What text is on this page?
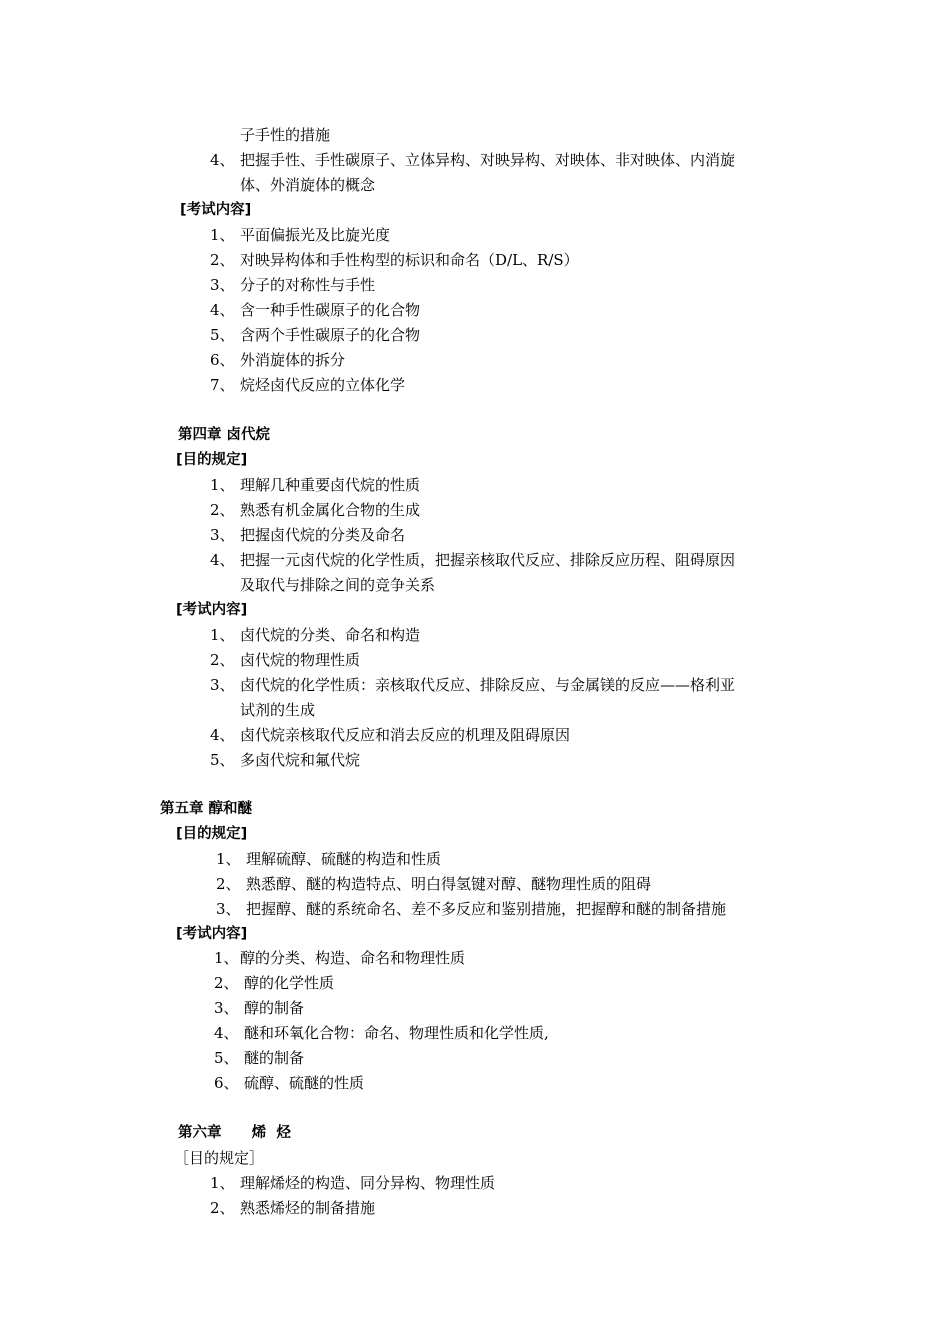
子手性的措施
4、 把握手性、手性碳原子、立体异构、对映异构、对映体、非对映体、内消旋
体、外消旋体的概念
[考试内容]
1、 平面偏振光及比旋光度
2、 对映异构体和手性构型的标识和命名（D/L、R/S）
3、 分子的对称性与手性
4、 含一种手性碳原子的化合物
5、 含两个手性碳原子的化合物
6、 外消旋体的拆分
7、 烷烃卤代反应的立体化学
第四章 卤代烷
[目的规定]
1、 理解几种重要卤代烷的性质
2、 熟悉有机金属化合物的生成
3、 把握卤代烷的分类及命名
4、 把握一元卤代烷的化学性质，把握亲核取代反应、排除反应历程、阻碍原因
及取代与排除之间的竞争关系
[考试内容]
1、 卤代烷的分类、命名和构造
2、 卤代烷的物理性质
3、 卤代烷的化学性质：亲核取代反应、排除反应、与金属镁的反应——格利亚
试剂的生成
4、 卤代烷亲核取代反应和消去反应的机理及阻碍原因
5、 多卤代烷和氟代烷
第五章 醇和醚
[目的规定]
1、 理解硫醇、硫醚的构造和性质
2、 熟悉醇、醚的构造特点、明白得氢键对醇、醚物理性质的阻碍
3、 把握醇、醚的系统命名、差不多反应和鉴别措施，把握醇和醚的制备措施
[考试内容]
1、醇的分类、构造、命名和物理性质
2、 醇的化学性质
3、 醇的制备
4、 醚和环氧化合物：命名、物理性质和化学性质,
5、 醚的制备
6、 硫醇、硫醚的性质
第六章      烯  烃
［目的规定］
1、 理解烯烃的构造、同分异构、物理性质
2、 熟悉烯烃的制备措施
